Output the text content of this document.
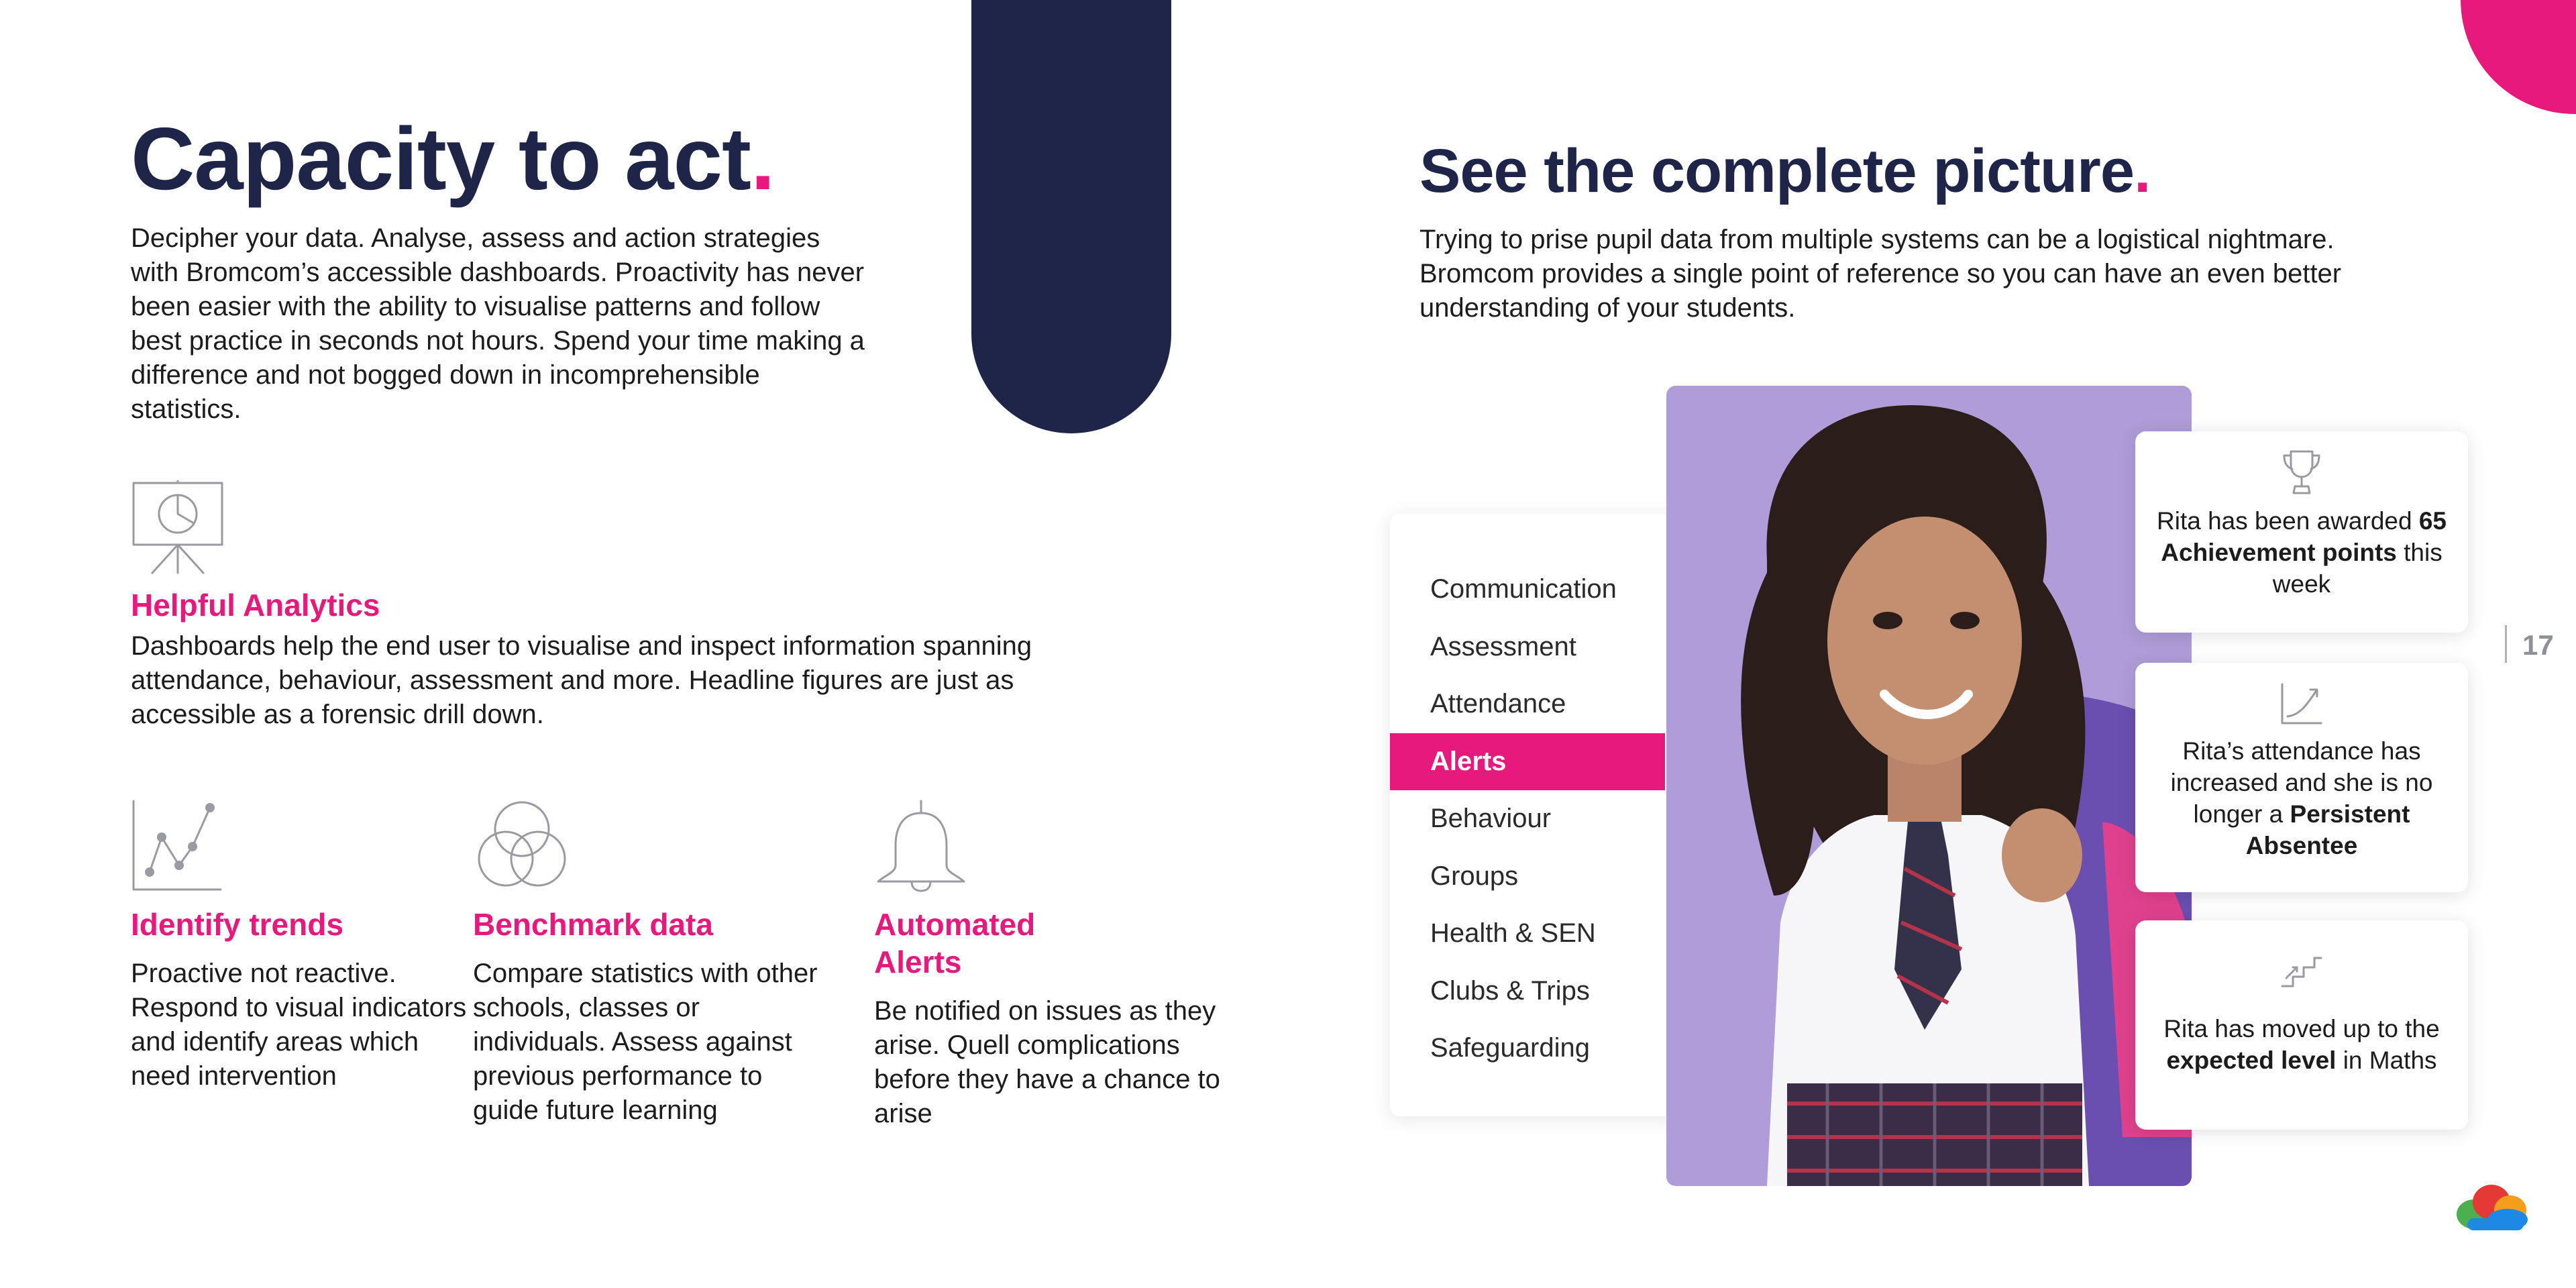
Capacity to act.
Decipher your data. Analyse, assess and action strategies with Bromcom’s accessible dashboards. Proactivity has never been easier with the ability to visualise patterns and follow best practice in seconds not hours. Spend your time making a difference and not bogged down in incomprehensible statistics.
Helpful Analytics
Dashboards help the end user to visualise and inspect information spanning attendance, behaviour, assessment and more. Headline figures are just as accessible as a forensic drill down.
Identify trends
Proactive not reactive. Respond to visual indicators and identify areas which need intervention
Benchmark data
Compare statistics with other schools, classes or individuals. Assess against previous performance to guide future learning
Automated Alerts
Be notified on issues as they arise. Quell complications before they have a chance to arise
See the complete picture.
Trying to prise pupil data from multiple systems can be a logistical nightmare. Bromcom provides a single point of reference so you can have an even better understanding of your students.
Communication
Assessment
Attendance
Alerts
Behaviour
Groups
Health & SEN
Clubs & Trips
Safeguarding
Rita has been awarded 65 Achievement points this week
Rita’s attendance has increased and she is no longer a Persistent Absentee
Rita has moved up to the expected level in Maths
17
